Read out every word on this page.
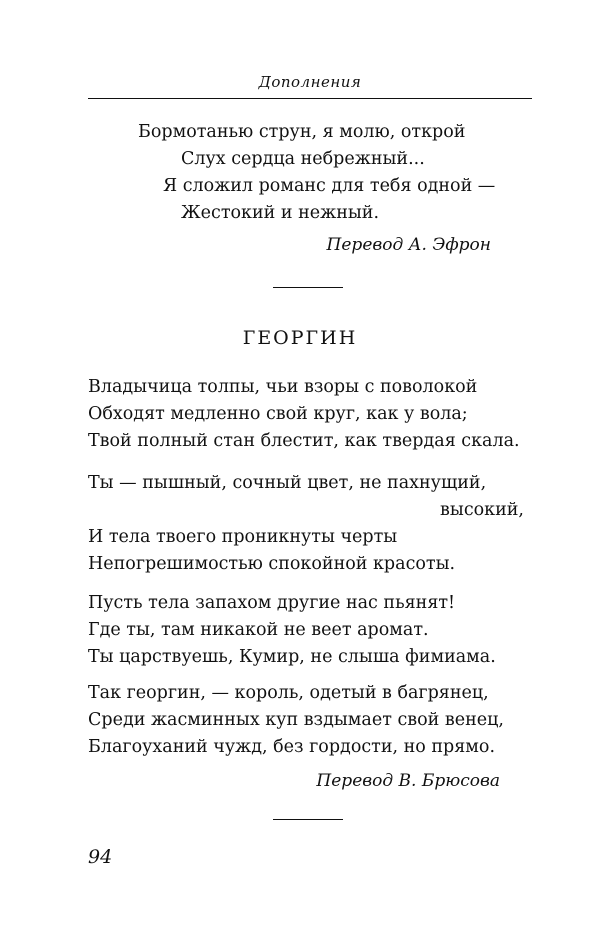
Дополнения
Бормотанью струн, я молю, открой
Слух сердца небрежный...
Я сложил романс для тебя одной —
Жестокий и нежный.
Перевод А. Эфрон
ГЕОРГИН
Владычица толпы, чьи взоры с поволокой
Обходят медленно свой круг, как у вола;
Твой полный стан блестит, как твердая скала.
Ты — пышный, сочный цвет, не пахнущий,
высокий,
И тела твоего проникнуты черты
Непогрешимостью спокойной красоты.
Пусть тела запахом другие нас пьянят!
Где ты, там никакой не веет аромат.
Ты царствуешь, Кумир, не слыша фимиама.
Так георгин, — король, одетый в багрянец,
Среди жасминных куп вздымает свой венец,
Благоуханий чужд, без гордости, но прямо.
Перевод В. Брюсова
94
